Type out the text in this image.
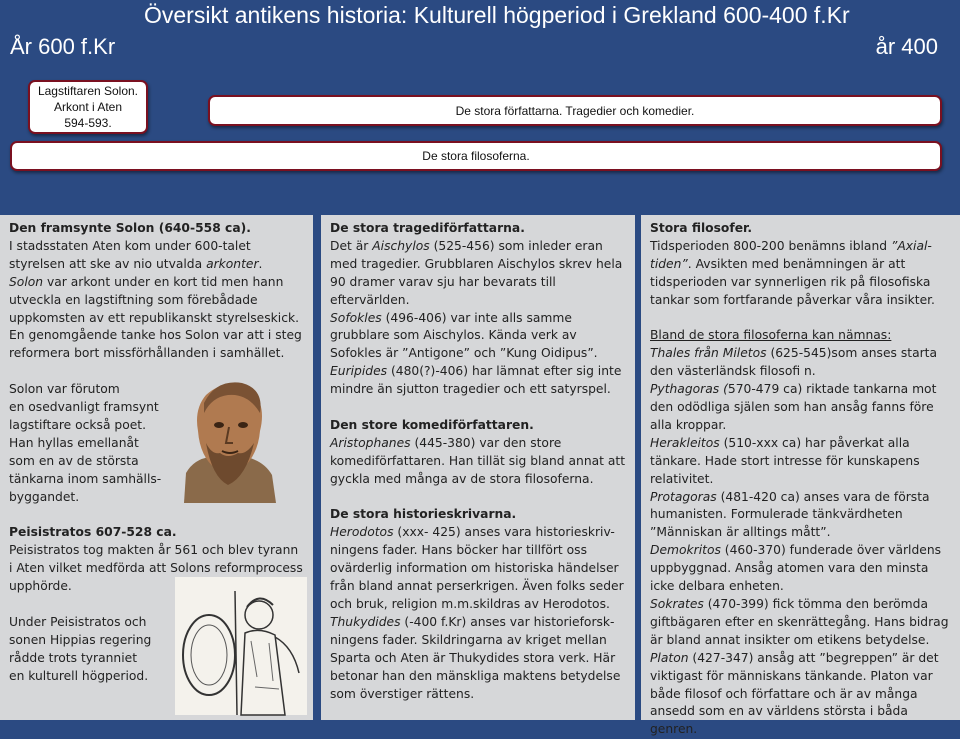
Översikt antikens historia: Kulturell högperiod i Grekland 600-400 f.Kr
År 600 f.Kr	år 400
Lagstiftaren Solon.
Arkont i Aten
594-593.
De stora författarna. Tragedier och komedier.
De stora filosoferna.

Den framsynte Solon (640-558 ca).

I stadsstaten Aten kom under 600-talet styrelsen att ske av nio utvalda arkonter.

Solon var arkont under en kort tid men hann utveckla en lagstiftning som förebådade uppkomsten av ett republikanskt styrelseskick.

En genomgående tanke hos Solon var att i steg reformera bort missförhållanden i samhället.

Solon var förutom

en osedvanligt framsynt

lagstiftare också poet.

Han hyllas emellanåt

som en av de största

tänkarna inom samhälls-

byggandet.

Peisistratos 607-528 ca.

Peisistratos tog makten år 561 och blev tyrann i Aten vilket medförda att Solons reformprocess upphörde.

Under Peisistratos och

sonen Hippias regering

rådde trots tyranniet

en kulturell högperiod.

De stora tragediförfattarna.

Det är Aischylos (525-456) som inleder eran med tragedier. Grubblaren Aischylos skrev hela 90 dramer varav sju har bevarats till eftervärlden.

Sofokles (496-406) var inte alls samme grubblare som Aischylos. Kända verk av Sofokles är ”Antigone” och ”Kung Oidipus”.

Euripides (480(?)-406) har lämnat efter sig inte mindre än sjutton tragedier och ett satyrspel.

Den store komediförfattaren.

Aristophanes (445-380) var den store komediförfattaren. Han tillät sig bland annat att gyckla med många av de stora filosoferna.

De stora historieskrivarna.

Herodotos (xxx- 425) anses vara historieskriv-ningens fader. Hans böcker har tillfört oss ovärderlig information om historiska händelser från bland annat perserkrigen. Även folks seder och bruk, religion m.m.skildras av Herodotos.

Thukydides (-400 f.Kr) anses var historieforsk-ningens fader. Skildringarna av kriget mellan Sparta och Aten är Thukydides stora verk. Här betonar han den mänskliga maktens betydelse som överstiger rättens.

Stora filosofer.

Tidsperioden 800-200 benämns ibland ”Axial-tiden”. Avsikten med benämningen är att tidsperioden var synnerligen rik på filosofiska tankar som fortfarande påverkar våra insikter.

Bland de stora filosoferna kan nämnas:

Thales från Miletos (625-545)som anses starta den västerländsk filosofi n.

Pythagoras (570-479 ca) riktade tankarna mot den odödliga själen som han ansåg fanns före alla kroppar.

Herakleitos (510-xxx ca) har påverkat alla tänkare. Hade stort intresse för kunskapens relativitet.

Protagoras (481-420 ca) anses vara de första humanisten. Formulerade tänkvärdheten ”Människan är alltings mått”.

Demokritos (460-370) funderade över världens uppbyggnad. Ansåg atomen vara den minsta icke delbara enheten.

Sokrates (470-399) fick tömma den berömda giftbägaren efter en skenrättegång. Hans bidrag är bland annat insikter om etikens betydelse.

Platon (427-347) ansåg att ”begreppen” är det viktigast för människans tänkande. Platon var både filosof och författare och är av många ansedd som en av världens största i båda genren.
